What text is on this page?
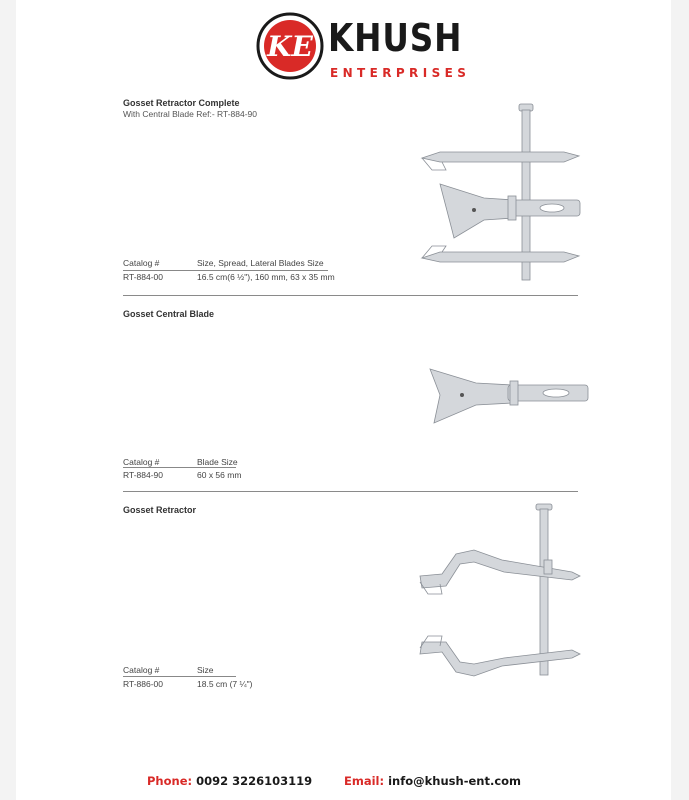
KE KHUSH
ENTERPRISES
Gosset Retractor Complete
With Central Blade Ref:- RT-884-90
Catalog #	Size, Spread, Lateral Blades Size
RT-884-00	16.5 cm(6 ½"), 160 mm, 63 x 35 mm
Gosset Central Blade
Catalog #	Blade Size
RT-884-90	60 x 56 mm
Gosset Retractor
Catalog #	Size
RT-886-00	18.5 cm (7 ¼")
Phone: 0092 3226103119	Email: info@khush-ent.com
